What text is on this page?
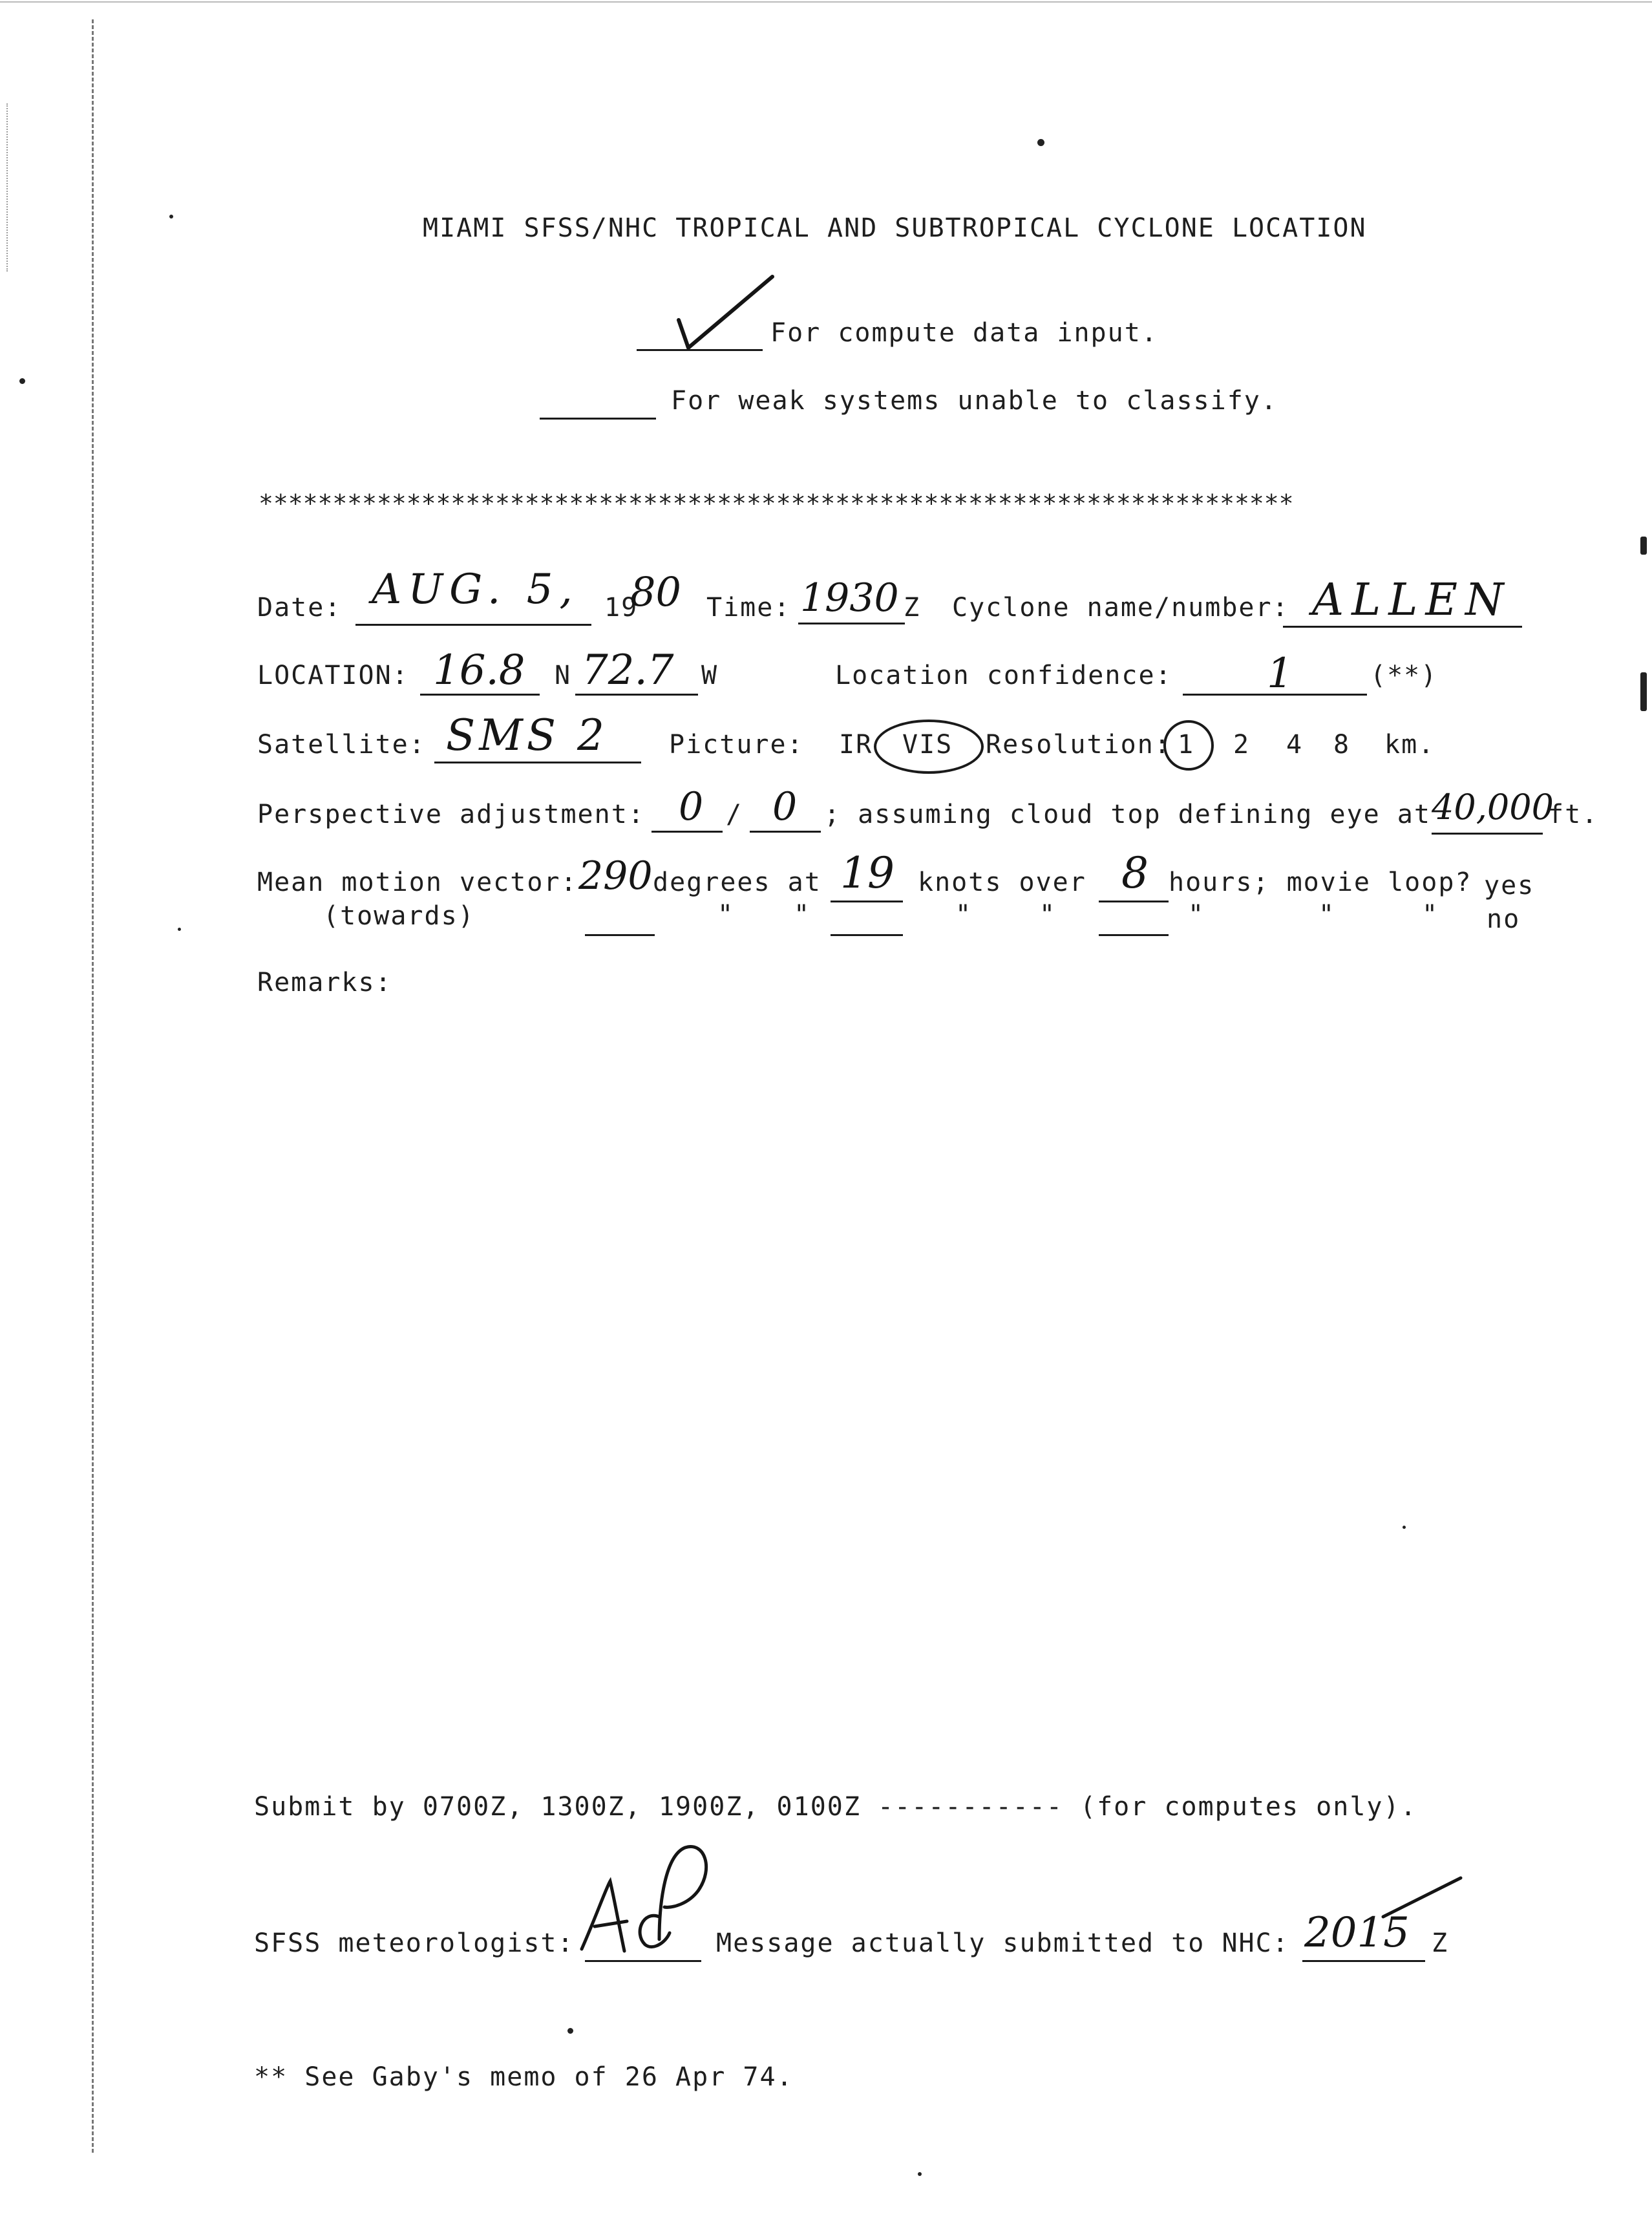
MIAMI SFSS/NHC TROPICAL AND SUBTROPICAL CYCLONE LOCATION
For compute data input.
For weak systems unable to classify.
**********************************************************************
Date: AUG. 5, 19
80 Time: 1930 Z Cyclone name/number: ALLEN
LOCATION: 16.8 N 72.7 W	Location confidence: 1	(**)
Satellite: SMS 2 Picture: IR VIS Resolution: 1 2 4 8 km.
Perspective adjustment: 0 / 0 ; assuming cloud top defining eye at 40,000
ft.
Mean motion vector: 290 degrees at 19 knots over 8 hours; movie loop? yes
(towards)	" "	"	"	"	"	" no
Remarks:
Submit by 0700Z, 1300Z, 1900Z, 0100Z ----------- (for computes only).
SFSS meteorologist:	Message actually submitted to NHC: 2015 Z
** See Gaby's memo of 26 Apr 74.
